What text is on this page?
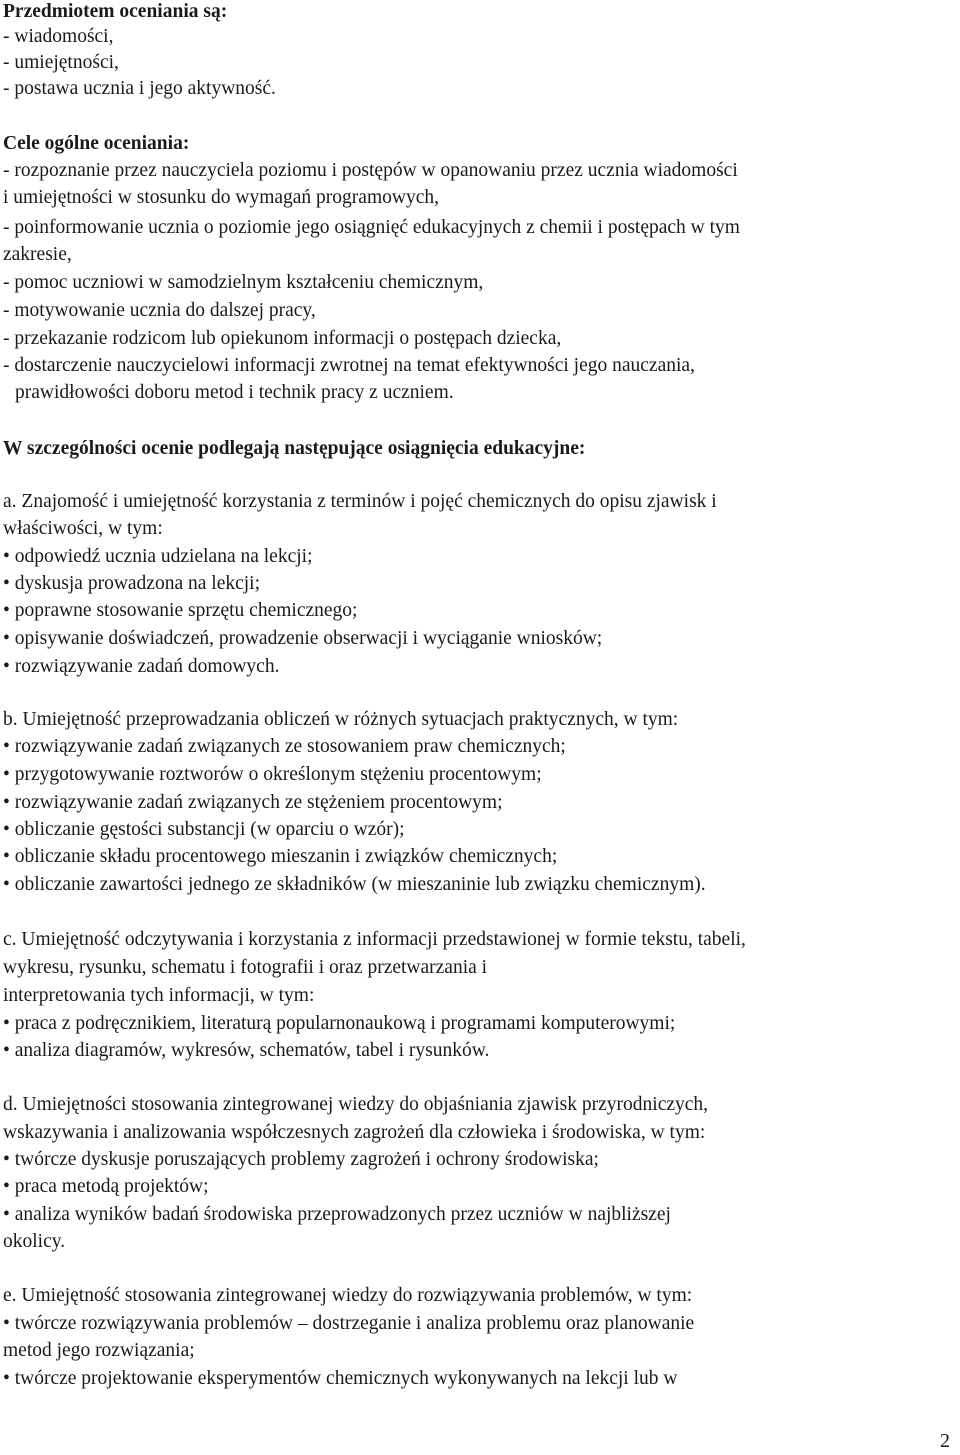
Przedmiotem oceniania są:
- wiadomości,
- umiejętności,
- postawa ucznia i jego aktywność.
Cele ogólne oceniania:
- rozpoznanie przez nauczyciela poziomu i postępów w opanowaniu przez ucznia wiadomości
i umiejętności w stosunku do wymagań programowych,
- poinformowanie ucznia o poziomie jego osiągnięć edukacyjnych z chemii i postępach w tym
zakresie,
- pomoc uczniowi w samodzielnym kształceniu chemicznym,
- motywowanie ucznia do dalszej pracy,
- przekazanie rodzicom lub opiekunom informacji o postępach dziecka,
- dostarczenie nauczycielowi informacji zwrotnej na temat efektywności jego nauczania,
prawidłowości doboru metod i technik pracy z uczniem.
W szczególności ocenie podlegają następujące osiągnięcia edukacyjne:
a. Znajomość i umiejętność korzystania z terminów i pojęć chemicznych do opisu zjawisk i
właściwości, w tym:
• odpowiedź ucznia udzielana na lekcji;
• dyskusja prowadzona na lekcji;
• poprawne stosowanie sprzętu chemicznego;
• opisywanie doświadczeń, prowadzenie obserwacji i wyciąganie wniosków;
• rozwiązywanie zadań domowych.
b. Umiejętność przeprowadzania obliczeń w różnych sytuacjach praktycznych, w tym:
• rozwiązywanie zadań związanych ze stosowaniem praw chemicznych;
• przygotowywanie roztworów o określonym stężeniu procentowym;
• rozwiązywanie zadań związanych ze stężeniem procentowym;
• obliczanie gęstości substancji (w oparciu o wzór);
• obliczanie składu procentowego mieszanin i związków chemicznych;
• obliczanie zawartości jednego ze składników (w mieszaninie lub związku chemicznym).
c. Umiejętność odczytywania i korzystania z informacji przedstawionej w formie tekstu, tabeli,
wykresu, rysunku, schematu i fotografii i oraz przetwarzania i
interpretowania tych informacji, w tym:
• praca z podręcznikiem, literaturą popularnonaukową i programami komputerowymi;
• analiza diagramów, wykresów, schematów, tabel i rysunków.
d. Umiejętności stosowania zintegrowanej wiedzy do objaśniania zjawisk przyrodniczych,
wskazywania i analizowania współczesnych zagrożeń dla człowieka i środowiska, w tym:
• twórcze dyskusje poruszających problemy zagrożeń i ochrony środowiska;
• praca metodą projektów;
• analiza wyników badań środowiska przeprowadzonych przez uczniów w najbliższej
okolicy.
e. Umiejętność stosowania zintegrowanej wiedzy do rozwiązywania problemów, w tym:
• twórcze rozwiązywania problemów – dostrzeganie i analiza problemu oraz planowanie
metod jego rozwiązania;
• twórcze projektowanie eksperymentów chemicznych wykonywanych na lekcji lub w
2
